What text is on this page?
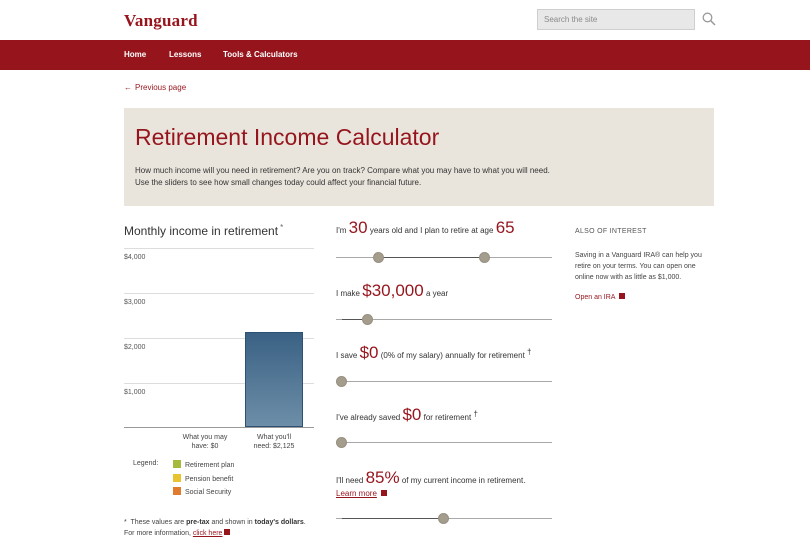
Vanguard	Search the site
Home	Lessons	Tools & Calculators
← Previous page
Retirement Income Calculator

How much income will you need in retirement? Are you on track? Compare what you may have to what you will need. Use the sliders to see how small changes today could affect your financial future.

Monthly income in retirement *
$4,000
$3,000
$2,000
$1,000
What you may
have: $0
What you'll
need: $2,125
Legend:	Retirement plan
Pension benefit
Social Security
* These values are pre-tax and shown in today's dollars. For more information, click here
I'm 30 years old and I plan to retire at age 65
I make $30,000 a year
I save $0 (0% of my salary) annually for retirement †
I've already saved $0 for retirement †
I'll need 85% of my current income in retirement.
Learn more
ALSO OF INTEREST
Saving in a Vanguard IRA® can help you retire on your terms. You can open one online now with as little as $1,000.
Open an IRA
